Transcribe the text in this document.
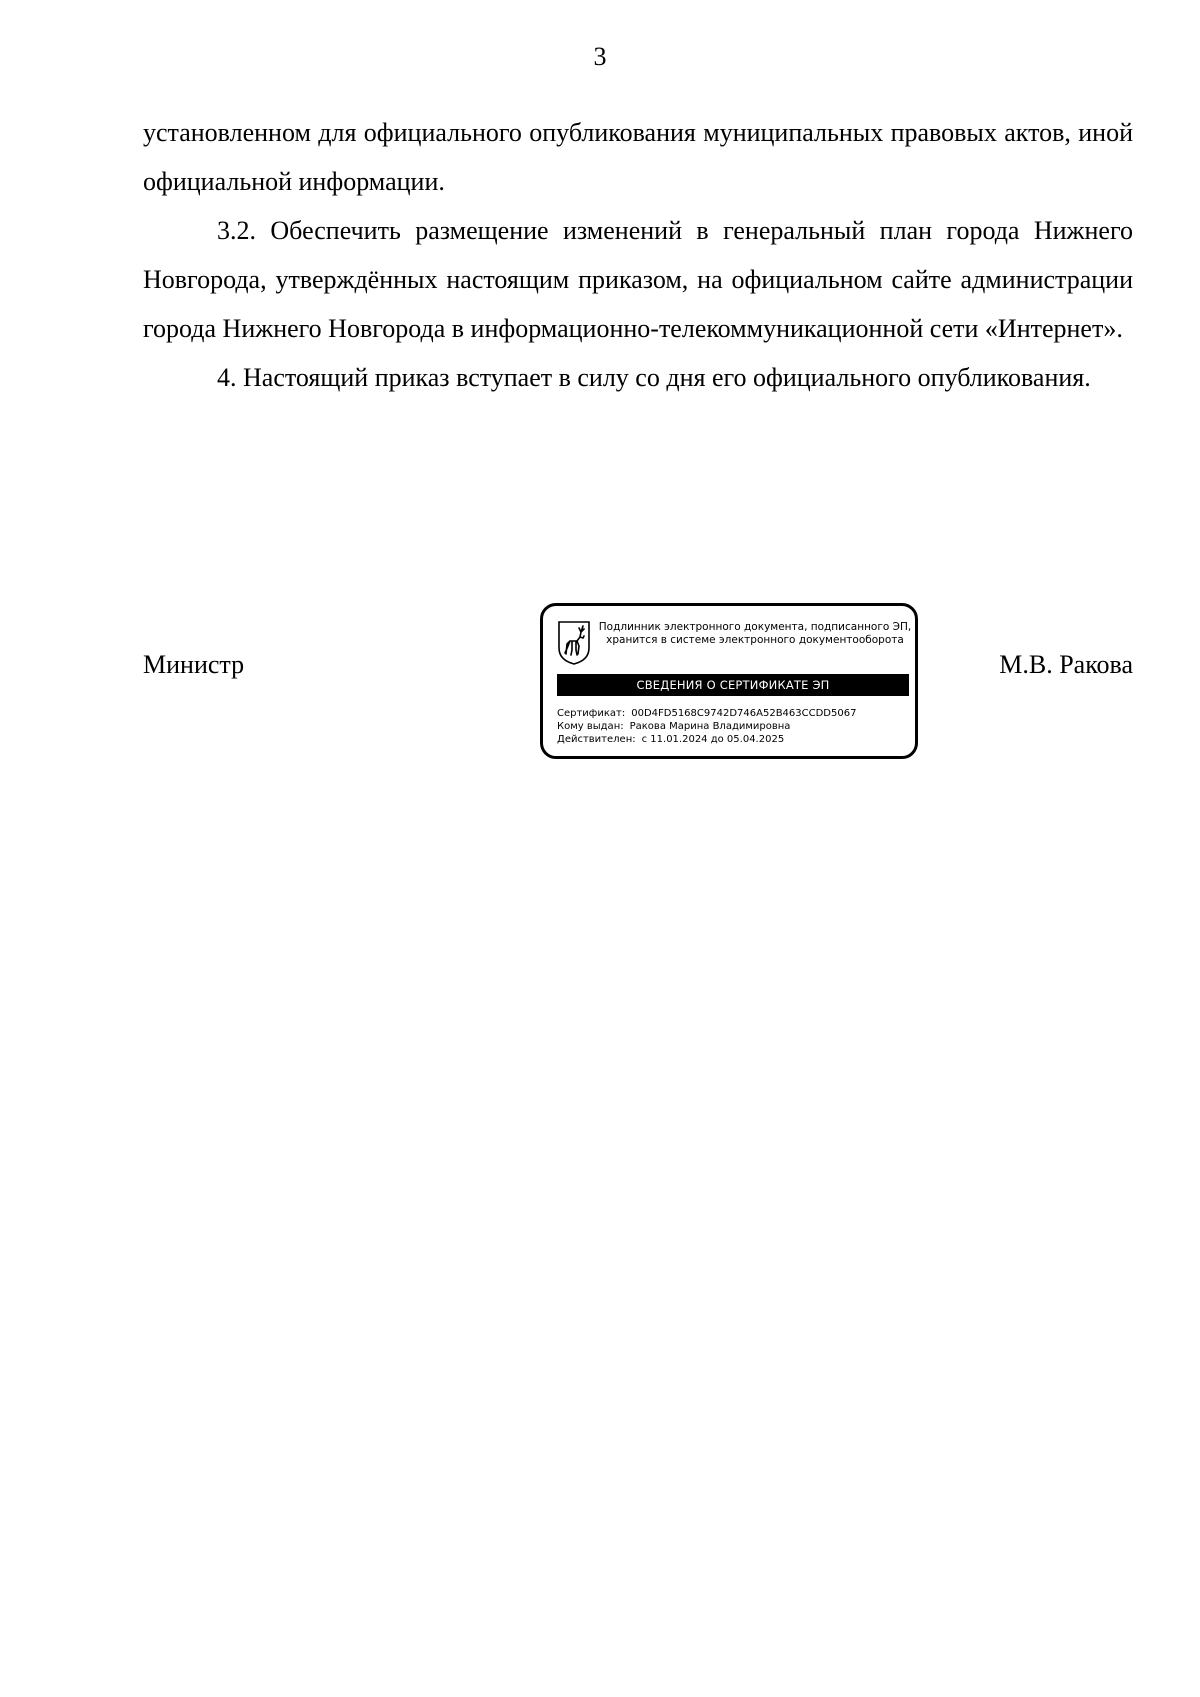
3

установленном для официального опубликования муниципальных правовых актов, иной официальной информации.

3.2. Обеспечить размещение изменений в генеральный план города Нижнего Новгорода, утверждённых настоящим приказом, на официальном сайте администрации города Нижнего Новгорода в информационно-телекоммуникационной сети «Интернет».

4. Настоящий приказ вступает в силу со дня его официального опубликования.

Министр
Подлинник электронного документа, подписанного ЭП,
хранится в системе электронного документооборота
СВЕДЕНИЯ О СЕРТИФИКАТЕ ЭП
Сертификат: 00D4FD5168C9742D746A52B463CCDD5067
Кому выдан: Ракова Марина Владимировна
Действителен: с 11.01.2024 до 05.04.2025
М.В. Ракова
